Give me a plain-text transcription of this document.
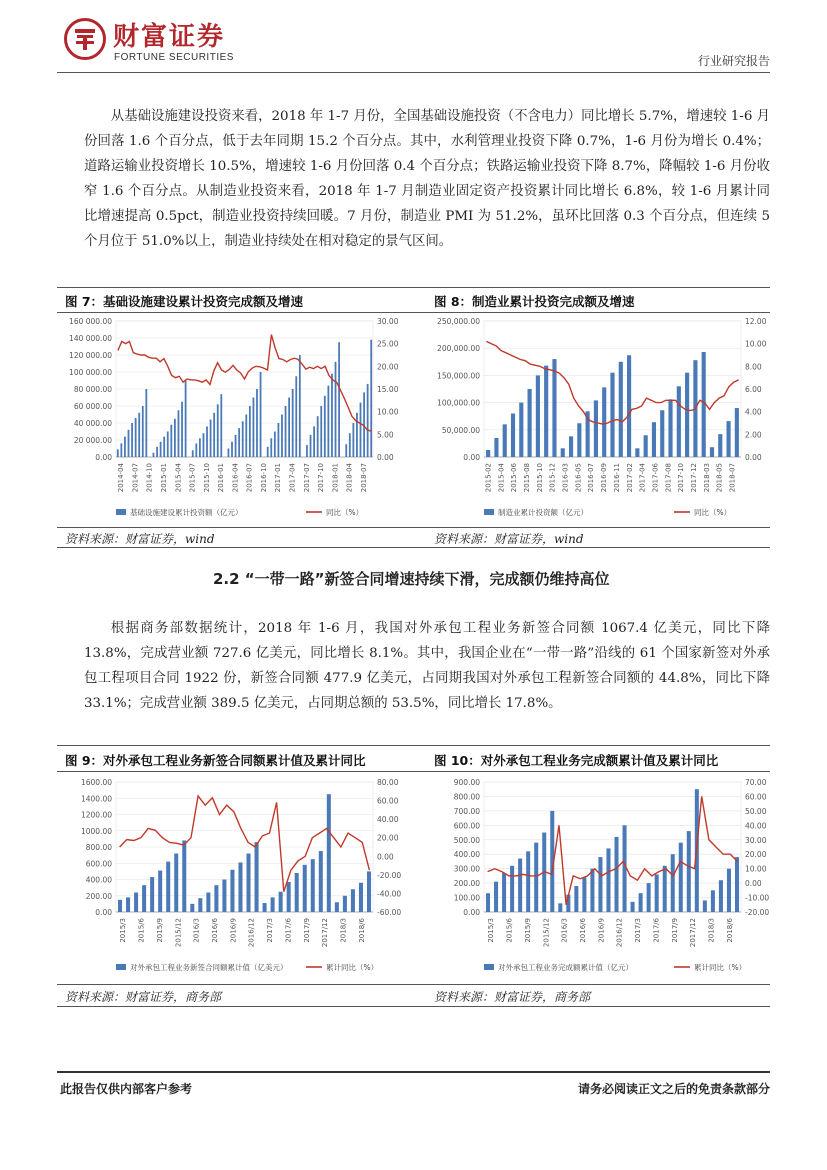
财富证券
FORTUNE SECURITIES	行业研究报告

从基础设施建设投资来看，2018 年 1-7 月份，全国基础设施投资（不含电力）同比增长 5.7%，增速较 1-6 月份回落 1.6 个百分点，低于去年同期 15.2 个百分点。其中，水利管理业投资下降 0.7%，1-6 月份为增长 0.4%；道路运输业投资增长 10.5%，增速较 1-6 月份回落 0.4 个百分点；铁路运输业投资下降 8.7%，降幅较 1-6 月份收窄 1.6 个百分点。从制造业投资来看，2018 年 1-7 月制造业固定资产投资累计同比增长 6.8%，较 1-6 月累计同比增速提高 0.5pct，制造业投资持续回暖。7 月份，制造业 PMI 为 51.2%，虽环比回落 0.3 个百分点，但连续 5 个月位于 51.0%以上，制造业持续处在相对稳定的景气区间。

图 7：基础设施建设累计投资完成额及增速	图 8：制造业累计投资完成额及增速
0.00
20 000.00
40 000.00
60 000.00
80 000.00
100 000.00
120 000.00
140 000.00
160 000.00
0.00
5.00
10.00
15.00
20.00
25.00
30.00
2014-04 2014-07 2014-10 2015-01 2015-04 2015-07 2015-10 2016-01 2016-04 2016-07 2016-10 2017-01 2017-04 2017-07 2017-10 2018-01 2018-04 2018-07
基础设施建设累计投资额（亿元）	同比（%）
0.00
50,000.00
100,000.00
150,000.00
200,000.00
250,000.00
0.00
2.00
4.00
6.00
8.00
10.00
12.00
2015-02 2015-04 2015-06 2015-08 2015-10 2015-12 2016-03 2016-05 2016-07 2016-09 2016-11 2017-02 2017-04 2017-06 2017-08 2017-10 2017-12 2018-03 2018-05 2018-07
制造业累计投资额（亿元）	同比（%）
资料来源：财富证券，wind	资料来源：财富证券，wind
2.2 “一带一路”新签合同增速持续下滑，完成额仍维持高位

根据商务部数据统计，2018 年 1-6 月，我国对外承包工程业务新签合同额 1067.4 亿美元，同比下降 13.8%，完成营业额 727.6 亿美元，同比增长 8.1%。其中，我国企业在“一带一路”沿线的 61 个国家新签对外承包工程项目合同 1922 份，新签合同额 477.9 亿美元，占同期我国对外承包工程新签合同额的 44.8%，同比下降 33.1%；完成营业额 389.5 亿美元，占同期总额的 53.5%，同比增长 17.8%。

图 9：对外承包工程业务新签合同额累计值及累计同比	图 10：对外承包工程业务完成额累计值及累计同比
0.00
200.00
400.00
600.00
800.00
1000.00
1200.00
1400.00
1600.00
-60.00
-40.00
-20.00
0.00
20.00
40.00
60.00
80.00
2015/3 2015/6 2015/9 2015/12 2016/3 2016/6 2016/9 2016/12 2017/3 2017/6 2017/9 2017/12 2018/3 2018/6
对外承包工程业务新签合同额累计值（亿美元）	累计同比（%）
0.00
100.00
200.00
300.00
400.00
500.00
600.00
700.00
800.00
900.00
-20.00
-10.00
0.00
10.00
20.00
30.00
40.00
50.00
60.00
70.00
2015/3 2015/6 2015/9 2015/12 2016/3 2016/6 2016/9 2016/12 2017/3 2017/6 2017/9 2017/12 2018/3 2018/6
对外承包工程业务完成额累计值（亿元）	累计同比（%）
资料来源：财富证券，商务部	资料来源：财富证券，商务部
此报告仅供内部客户参考	请务必阅读正文之后的免责条款部分
